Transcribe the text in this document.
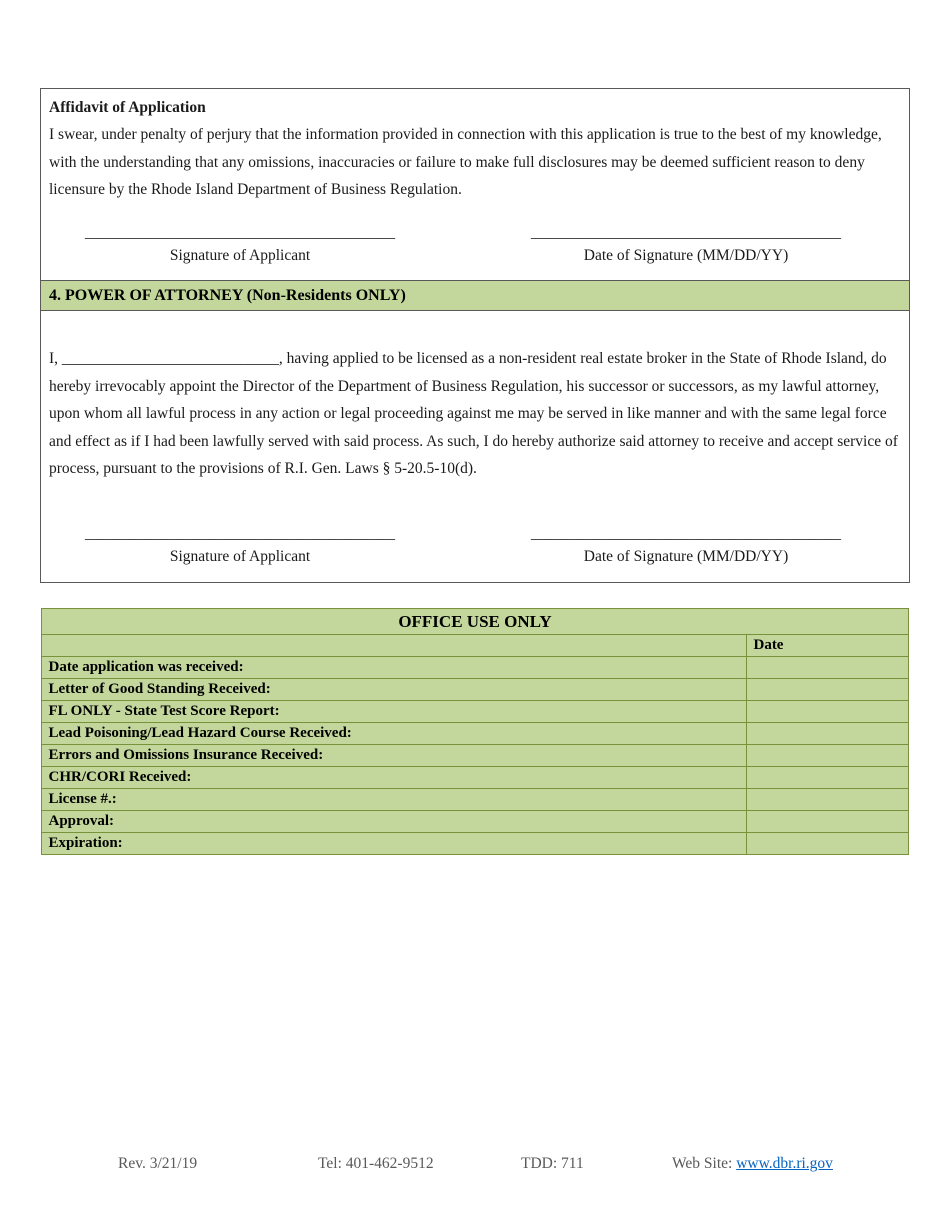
Affidavit of Application

I swear, under penalty of perjury that the information provided in connection with this application is true to the best of my knowledge, with the understanding that any omissions, inaccuracies or failure to make full disclosures may be deemed sufficient reason to deny licensure by the Rhode Island Department of Business Regulation.

________________________________________
Signature of Applicant
________________________________________
Date of Signature (MM/DD/YY)
4. POWER OF ATTORNEY (Non-Residents ONLY)

I, ____________________________, having applied to be licensed as a non-resident real estate broker in the State of Rhode Island, do hereby irrevocably appoint the Director of the Department of Business Regulation, his successor or successors, as my lawful attorney, upon whom all lawful process in any action or legal proceeding against me may be served in like manner and with the same legal force and effect as if I had been lawfully served with said process. As such, I do hereby authorize said attorney to receive and accept service of process, pursuant to the provisions of R.I. Gen. Laws § 5-20.5-10(d).

________________________________________
Signature of Applicant
________________________________________
Date of Signature (MM/DD/YY)
OFFICE USE ONLY	
	Date
Date application was received:	
Letter of Good Standing Received:	
FL ONLY - State Test Score Report:	
Lead Poisoning/Lead Hazard Course Received:	
Errors and Omissions Insurance Received:	
CHR/CORI Received:	
License #.:	
Approval:	
Expiration:	
Rev. 3/21/19	Tel: 401-462-9512	TDD: 711	Web Site: www.dbr.ri.gov
